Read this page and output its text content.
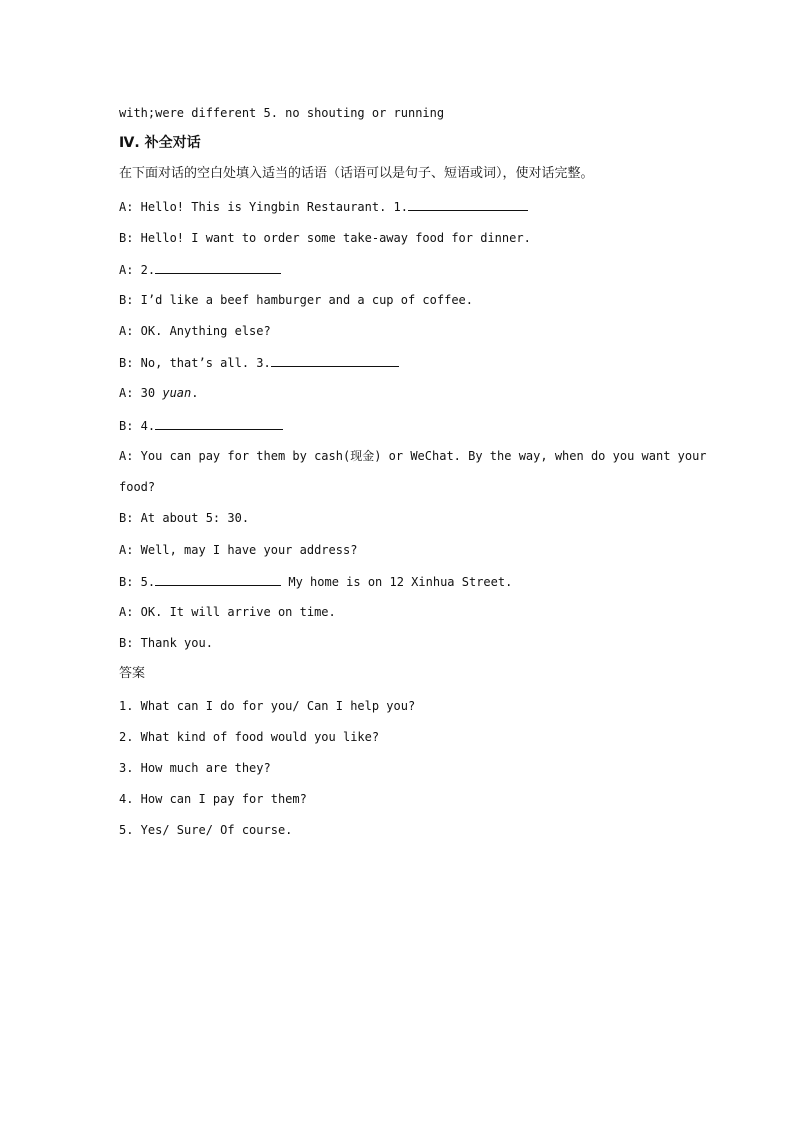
with;were different 5. no shouting or running
Ⅳ. 补全对话
在下面对话的空白处填入适当的话语（话语可以是句子、短语或词），使对话完整。
A: Hello! This is Yingbin Restaurant. 1.
B: Hello! I want to order some take-away food for dinner.
A: 2.
B: I’d like a beef hamburger and a cup of coffee.
A: OK. Anything else?
B: No, that’s all. 3.
A: 30 yuan.
B: 4.
A: You can pay for them by cash(现金) or WeChat. By the way, when do you want your
food?
B: At about 5: 30.
A: Well, may I have your address?
B: 5.	My home is on 12 Xinhua Street.
A: OK. It will arrive on time.
B: Thank you.
答案
1. What can I do for you/ Can I help you?
2. What kind of food would you like?
3. How much are they?
4. How can I pay for them?
5. Yes/ Sure/ Of course.
